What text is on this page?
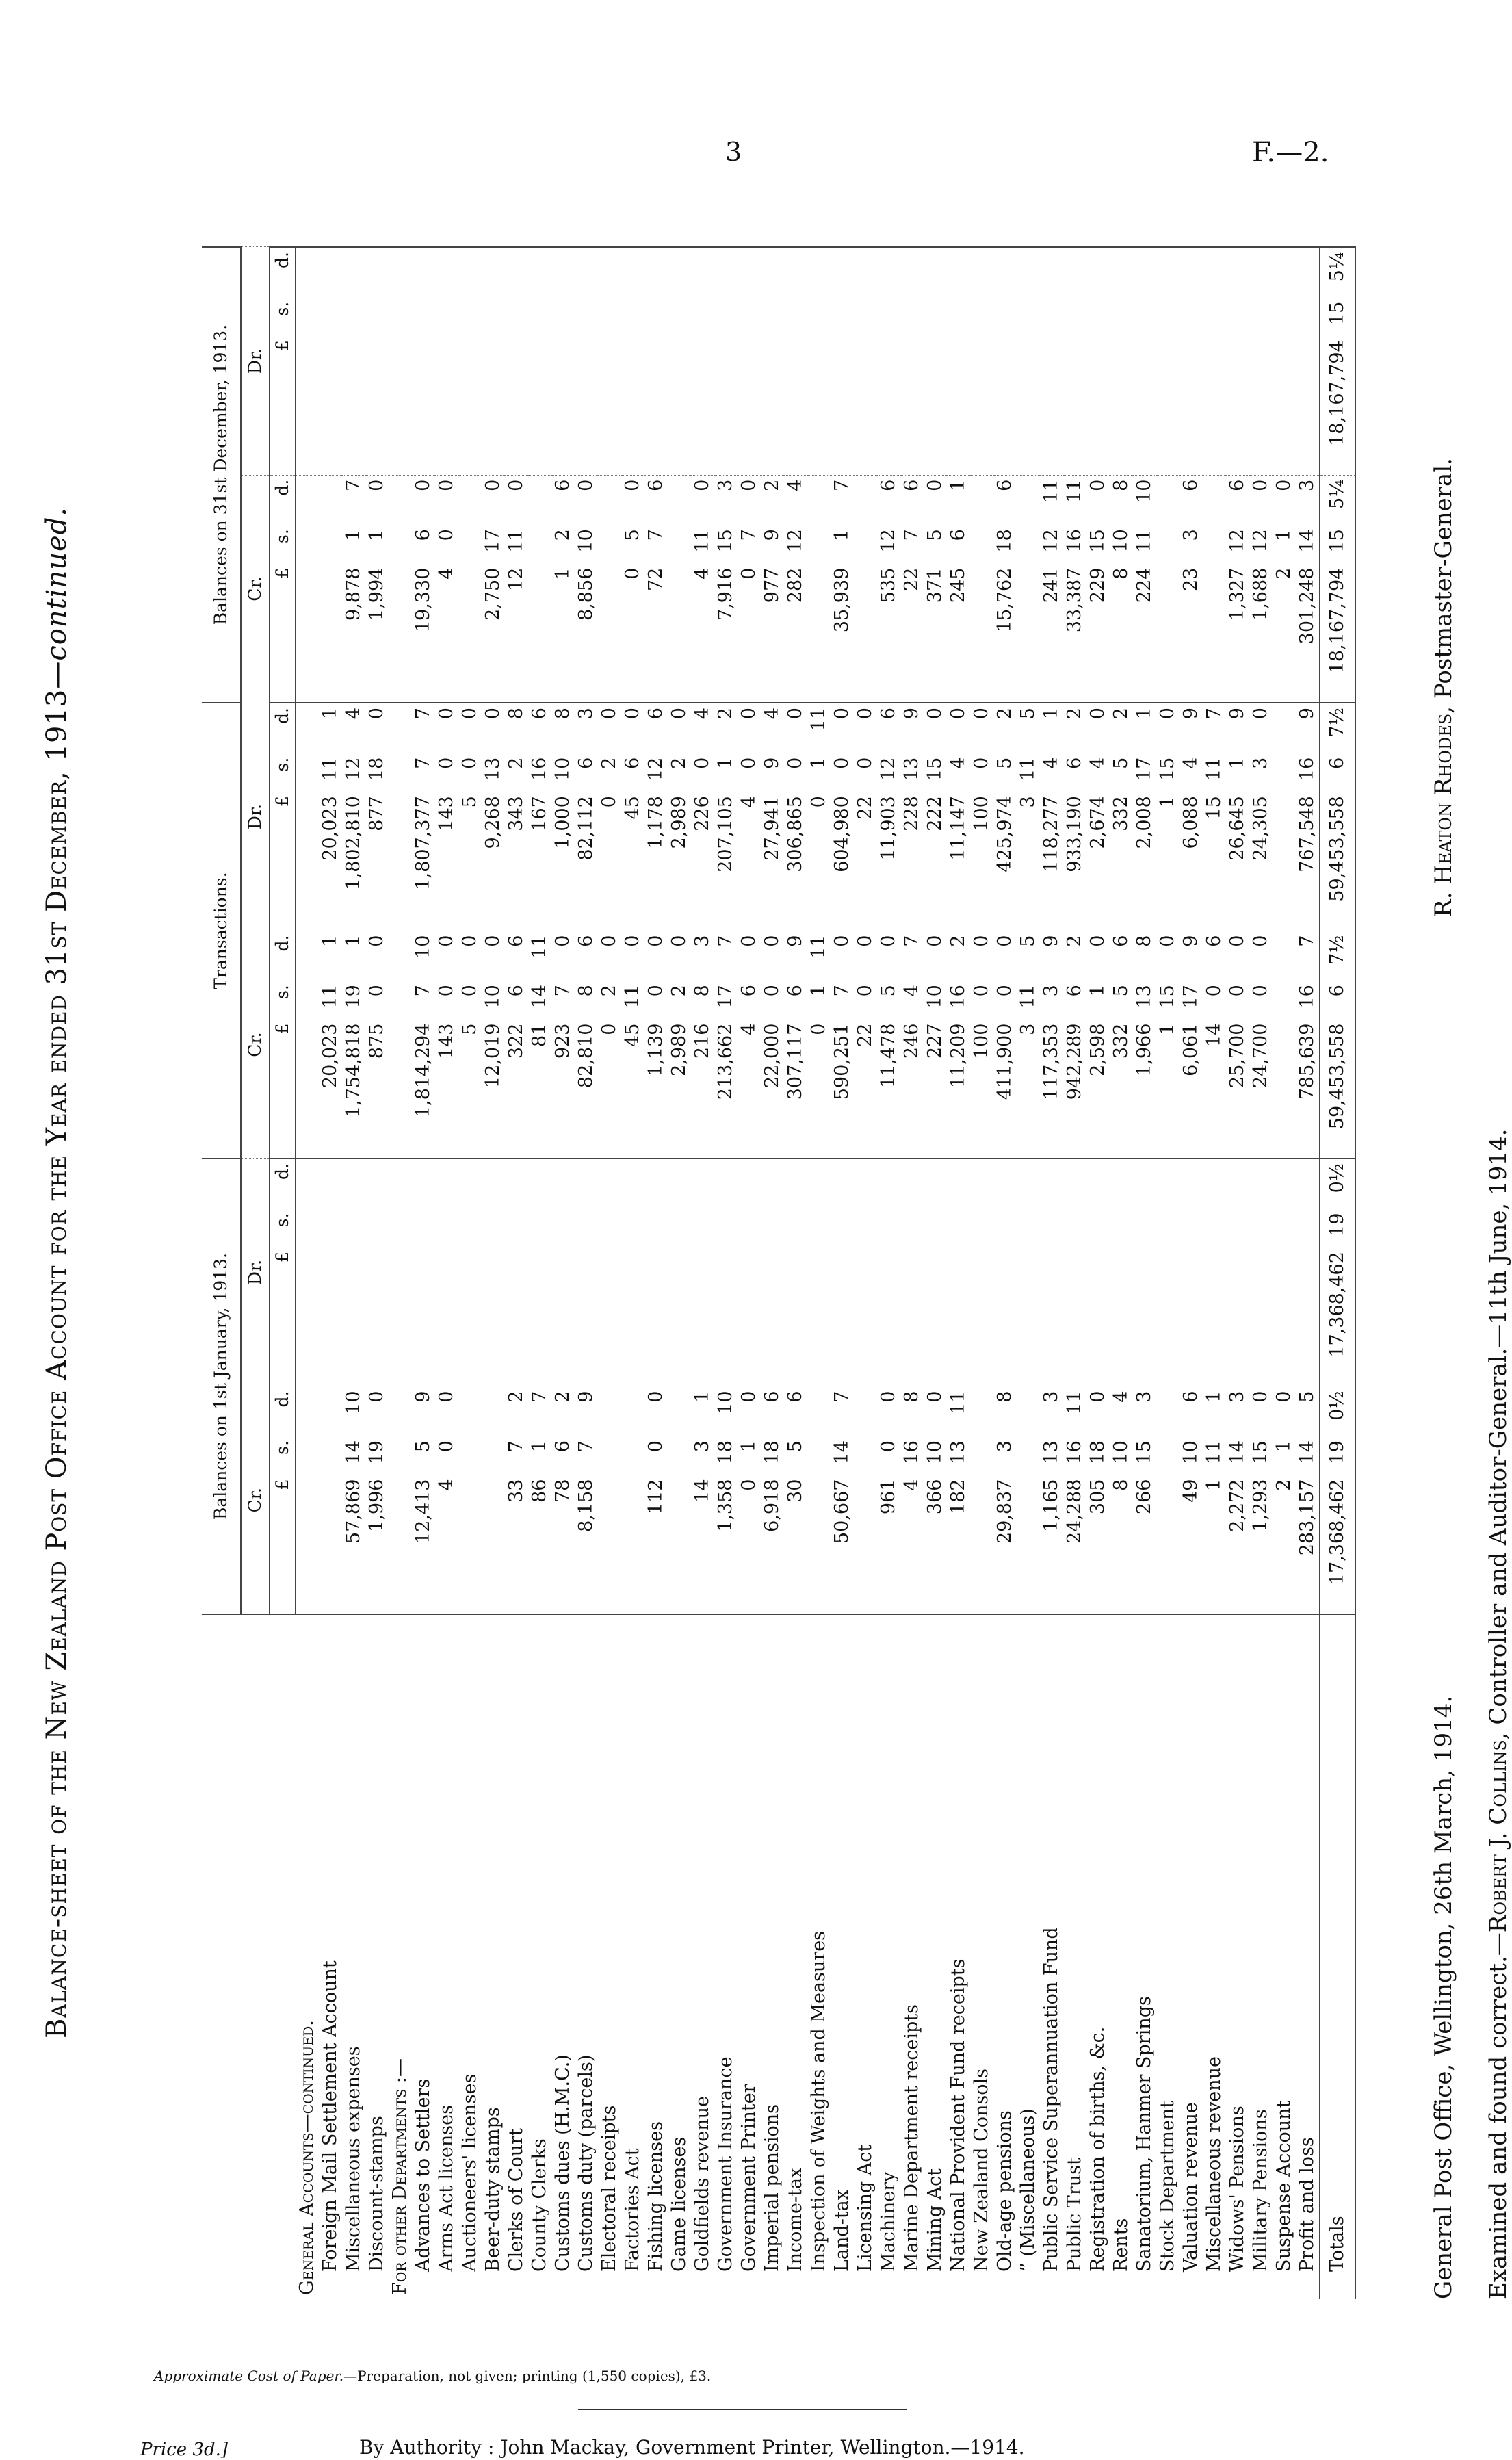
3	F.—2.
Balance-sheet of the New Zealand Post Office Account for the Year ended 31st December, 1913—continued.
	Balances on 1st January, 1913.						Transactions.						Balances on 31st December, 1913.					
	Cr.			Dr.			Cr.			Dr.			Cr.			Dr.		
	£	s.	d.	£	s.	d.	£	s.	d.	£	s.	d.	£	s.	d.	£	s.	d.
General Accounts—continued.																		
Foreign Mail Settlement Account							20,023	11	1	20,023	11	1						
Miscellaneous expenses	57,869	14	10				1,754,818	19	1	1,802,810	12	4	9,878	1	7			
Discount-stamps	1,996	19	0				875	0	0	877	18	0	1,994	1	0			
For other Departments :—																		
Advances to Settlers	12,413	5	9				1,814,294	7	10	1,807,377	7	7	19,330	6	0			
Arms Act licenses	4	0	0				143	0	0	143	0	0	4	0	0			
Auctioneers' licenses							5	0	0	5	0	0						
Beer-duty stamps							12,019	10	0	9,268	13	0	2,750	17	0			
Clerks of Court	33	7	2				322	6	6	343	2	8	12	11	0			
County Clerks	86	1	7				81	14	11	167	16	6						
Customs dues (H.M.C.)	78	6	2				923	7	0	1,000	10	8	1	2	6			
Customs duty (parcels)	8,158	7	9				82,810	8	6	82,112	6	3	8,856	10	0			
Electoral receipts							0	2	0	0	2	0						
Factories Act							45	11	0	45	6	0	0	5	0			
Fishing licenses	112	0	0				1,139	0	0	1,178	12	6	72	7	6			
Game licenses							2,989	2	0	2,989	2	0						
Goldfields revenue	14	3	1				216	8	3	226	0	4	4	11	0			
Government Insurance	1,358	18	10				213,662	17	7	207,105	1	2	7,916	15	3			
Government Printer	0	1	0				4	6	0	4	0	0	0	7	0			
Imperial pensions	6,918	18	6				22,000	0	0	27,941	9	4	977	9	2			
Income-tax	30	5	6				307,117	6	9	306,865	0	0	282	12	4			
Inspection of Weights and Measures							0	1	11	0	1	11						
Land-tax	50,667	14	7				590,251	7	0	604,980	0	0	35,939	1	7			
Licensing Act							22	0	0	22	0	0						
Machinery	961	0	0				11,478	5	0	11,903	12	6	535	12	6			
Marine Department receipts	4	16	8				246	4	7	228	13	9	22	7	6			
Mining Act	366	10	0				227	10	0	222	15	0	371	5	0			
National Provident Fund receipts	182	13	11				11,209	16	2	11,147	4	0	245	6	1			
New Zealand Consols							100	0	0	100	0	0						
Old-age pensions	29,837	3	8				411,900	0	0	425,974	5	2	15,762	18	6			
” (Miscellaneous)							3	11	5	3	11	5						
Public Service Superannuation Fund	1,165	13	3				117,353	3	9	118,277	4	1	241	12	11			
Public Trust	24,288	16	11				942,289	6	2	933,190	6	2	33,387	16	11			
Registration of births, &c.	305	18	0				2,598	1	0	2,674	4	0	229	15	0			
Rents	8	10	4				332	5	6	332	5	2	8	10	8			
Sanatorium, Hanmer Springs	266	15	3				1,966	13	8	2,008	17	1	224	11	10			
Stock Department							1	15	0	1	15	0						
Valuation revenue	49	10	6				6,061	17	9	6,088	4	9	23	3	6			
Miscellaneous revenue	1	11	1				14	0	6	15	11	7						
Widows' Pensions	2,272	14	3				25,700	0	0	26,645	1	9	1,327	12	6			
Military Pensions	1,293	15	0				24,700	0	0	24,305	3	0	1,688	12	0			
Suspense Account	2	1	0										2	1	0			
Profit and loss	283,157	14	5				785,639	16	7	767,548	16	9	301,248	14	3			
Totals	17,368,462	19	0½	17,368,462	19	0½	59,453,558	6	7½	59,453,558	6	7½	18,167,794	15	5¼	18,167,794	15	5¼
General Post Office, Wellington, 26th March, 1914.
R. Heaton Rhodes, Postmaster-General.
Examined and found correct.—Robert J. Collins, Controller and Auditor-General.—11th June, 1914.
Approximate Cost of Paper.—Preparation, not given; printing (1,550 copies), £3.
By Authority : John Mackay, Government Printer, Wellington.—1914.
Price 3d.]
